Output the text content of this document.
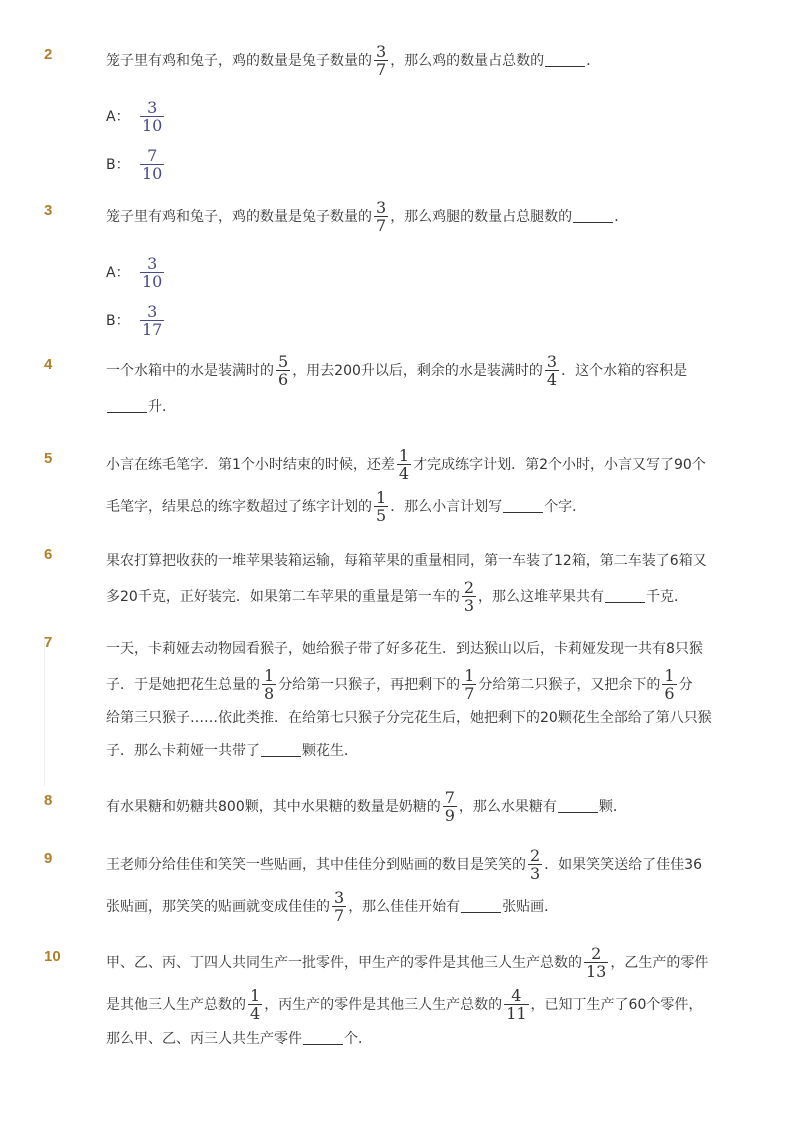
2	笼子里有鸡和兔子，鸡的数量是兔子数量的 $\frac{3}{7}$ ，那么鸡的数量占总数的	．
A： $\frac{3}{10}$
B： $\frac{7}{10}$
3	笼子里有鸡和兔子，鸡的数量是兔子数量的 $\frac{3}{7}$ ，那么鸡腿的数量占总腿数的	．
A： $\frac{3}{10}$
B： $\frac{3}{17}$
4	一个水箱中的水是装满时的 $\frac{5}{6}$ ，用去200升以后，剩余的水是装满时的 $\frac{3}{4}$ ．这个水箱的容积是
升．
5	小言在练毛笔字．第1个小时结束的时候，还差 $\frac{1}{4}$ 才完成练字计划．第2个小时，小言又写了90个
毛笔字，结果总的练字数超过了练字计划的 $\frac{1}{5}$ ．那么小言计划写	个字．
6	果农打算把收获的一堆苹果装箱运输，每箱苹果的重量相同，第一车装了12箱，第二车装了6箱又
多20千克，正好装完．如果第二车苹果的重量是第一车的 $\frac{2}{3}$ ，那么这堆苹果共有	千克．
7	一天，卡莉娅去动物园看猴子，她给猴子带了好多花生．到达猴山以后，卡莉娅发现一共有8只猴
子．于是她把花生总量的 $\frac{1}{8}$ 分给第一只猴子，再把剩下的 $\frac{1}{7}$ 分给第二只猴子，又把余下的 $\frac{1}{6}$ 分
给第三只猴子……依此类推．在给第七只猴子分完花生后，她把剩下的20颗花生全部给了第八只猴
子．那么卡莉娅一共带了	颗花生．
8	有水果糖和奶糖共800颗，其中水果糖的数量是奶糖的 $\frac{7}{9}$ ，那么水果糖有	颗．
9	王老师分给佳佳和笑笑一些贴画，其中佳佳分到贴画的数目是笑笑的 $\frac{2}{3}$ ．如果笑笑送给了佳佳36
张贴画，那笑笑的贴画就变成佳佳的 $\frac{3}{7}$ ，那么佳佳开始有	张贴画．
10	甲、乙、丙、丁四人共同生产一批零件，甲生产的零件是其他三人生产总数的 $\frac{2}{13}$ ，乙生产的零件
是其他三人生产总数的 $\frac{1}{4}$ ，丙生产的零件是其他三人生产总数的 $\frac{4}{11}$ ，已知丁生产了60个零件，
那么甲、乙、丙三人共生产零件	个．
